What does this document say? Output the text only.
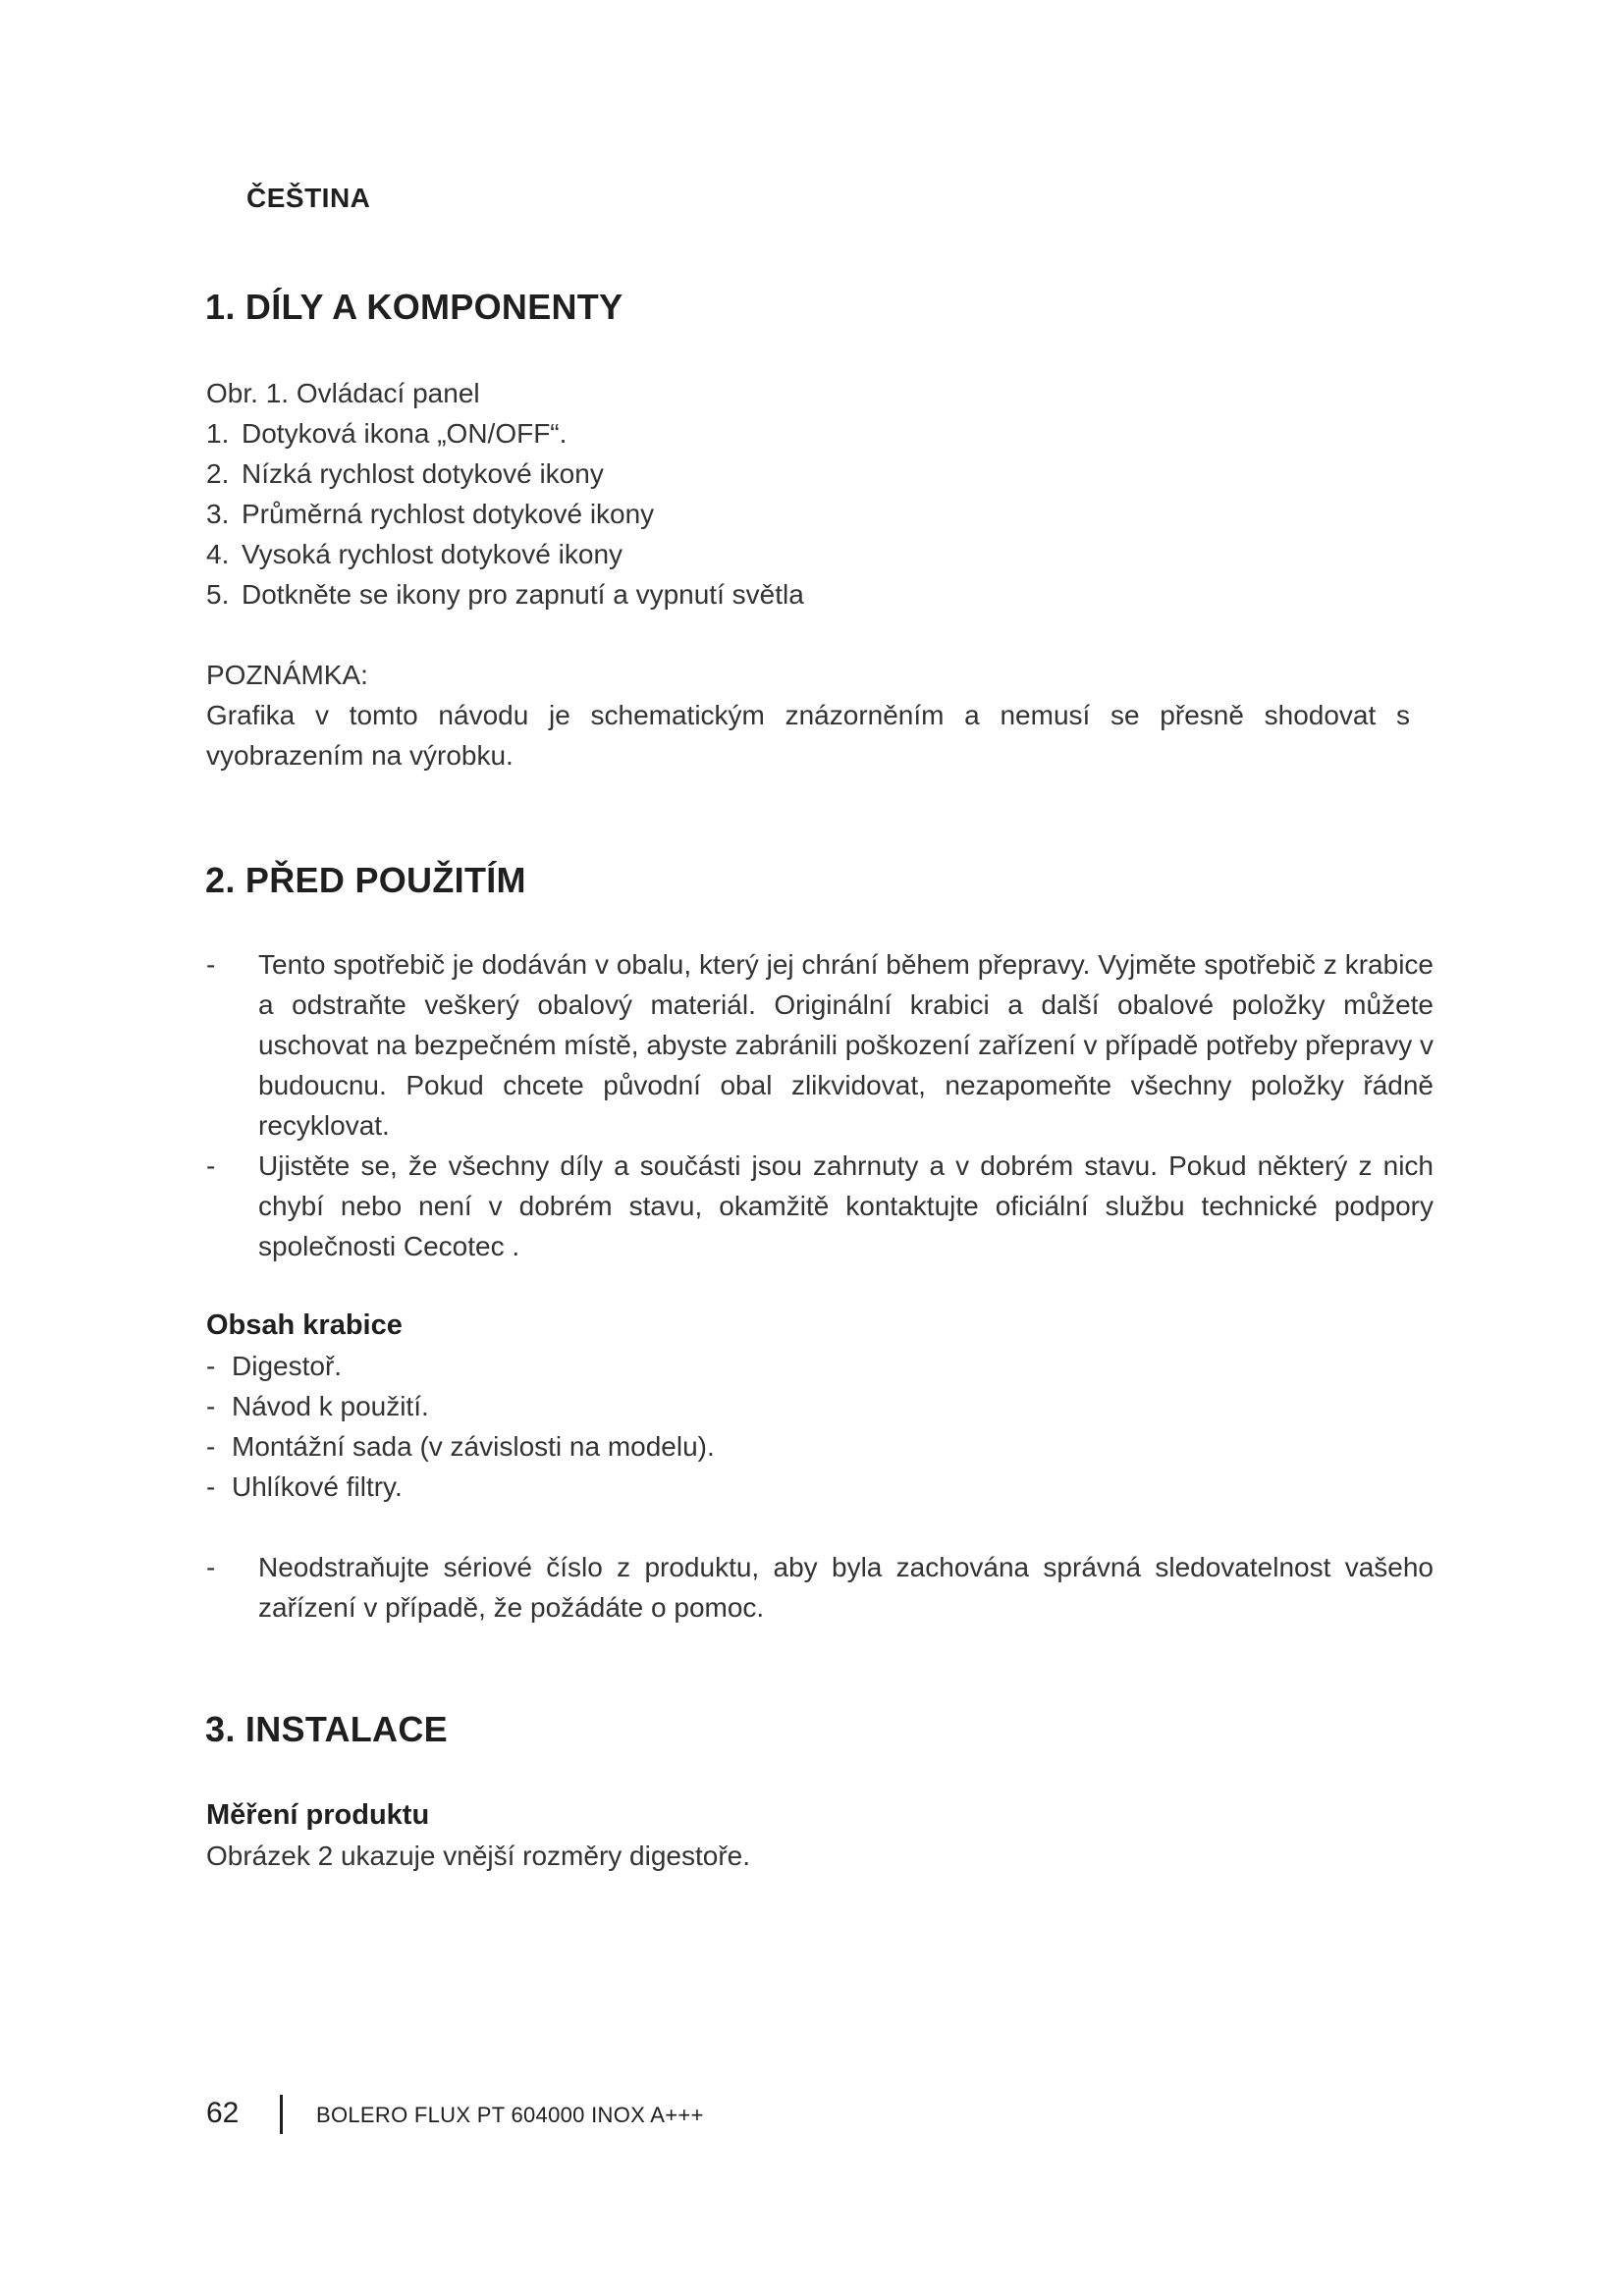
ČEŠTINA
1. DÍLY A KOMPONENTY
Obr. 1. Ovládací panel
1. Dotyková ikona „ON/OFF“.
2. Nízká rychlost dotykové ikony
3. Průměrná rychlost dotykové ikony
4. Vysoká rychlost dotykové ikony
5. Dotkněte se ikony pro zapnutí a vypnutí světla
POZNÁMKA:
Grafika v tomto návodu je schematickým znázorněním a nemusí se přesně shodovat s vyobrazením na výrobku.
2. PŘED POUŽITÍM
-	Tento spotřebič je dodáván v obalu, který jej chrání během přepravy. Vyjměte spotřebič z krabice a odstraňte veškerý obalový materiál. Originální krabici a další obalové položky můžete uschovat na bezpečném místě, abyste zabránili poškození zařízení v případě potřeby přepravy v budoucnu. Pokud chcete původní obal zlikvidovat, nezapomeňte všechny položky řádně recyklovat.
-	Ujistěte se, že všechny díly a součásti jsou zahrnuty a v dobrém stavu. Pokud některý z nich chybí nebo není v dobrém stavu, okamžitě kontaktujte oficiální službu technické podpory společnosti Cecotec .
Obsah krabice
- Digestoř.
- Návod k použití.
- Montážní sada (v závislosti na modelu).
- Uhlíkové filtry.
-	Neodstraňujte sériové číslo z produktu, aby byla zachována správná sledovatelnost vašeho zařízení v případě, že požádáte o pomoc.
3. INSTALACE
Měření produktu
Obrázek 2 ukazuje vnější rozměry digestoře.
62	BOLERO FLUX PT 604000 INOX A+++
